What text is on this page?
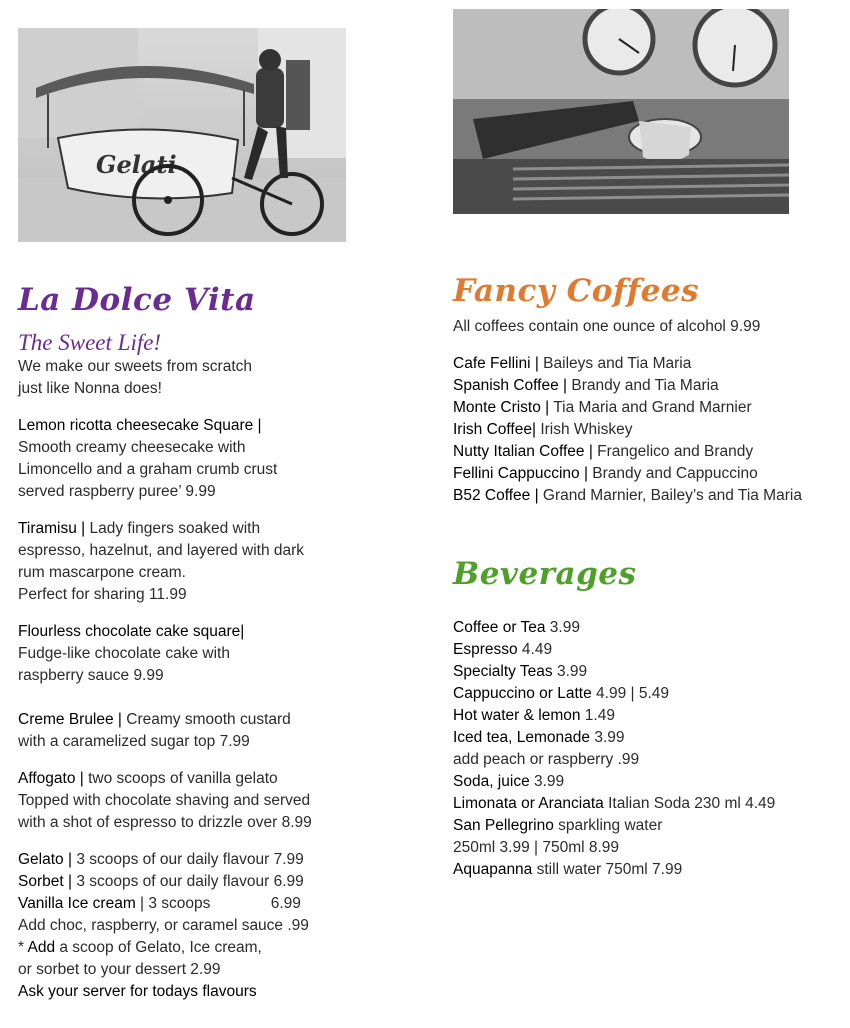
Gelati
La Dolce Vita
The Sweet Life!

We make our sweets from scratch
just like Nonna does!

Lemon ricotta cheesecake Square |
Smooth creamy cheesecake with
Limoncello and a graham crumb crust
served raspberry puree’ 9.99

Tiramisu | Lady fingers soaked with
espresso, hazelnut, and layered with dark
rum mascarpone cream.
Perfect for sharing 11.99

Flourless chocolate cake square|
Fudge-like chocolate cake with
raspberry sauce 9.99

Creme Brulee | Creamy smooth custard
with a caramelized sugar top 7.99

Affogato | two scoops of vanilla gelato
Topped with chocolate shaving and served
with a shot of espresso to drizzle over 8.99

Gelato | 3 scoops of our daily flavour 7.99
Sorbet | 3 scoops of our daily flavour 6.99
Vanilla Ice cream | 3 scoops              6.99
Add choc, raspberry, or caramel sauce .99
* Add a scoop of Gelato, Ice cream,
or sorbet to your dessert 2.99
Ask your server for todays flavours
Fancy Coffees
All coffees contain one ounce of alcohol 9.99
Cafe Fellini | Baileys and Tia Maria
Spanish Coffee | Brandy and Tia Maria
Monte Cristo | Tia Maria and Grand Marnier
Irish Coffee| Irish Whiskey
Nutty Italian Coffee | Frangelico and Brandy
Fellini Cappuccino | Brandy and Cappuccino
B52 Coffee | Grand Marnier, Bailey’s and Tia Maria
Beverages
Coffee or Tea 3.99
Espresso 4.49
Specialty Teas 3.99
Cappuccino or Latte 4.99 | 5.49
Hot water & lemon 1.49
Iced tea, Lemonade 3.99
add peach or raspberry .99
Soda, juice 3.99
Limonata or Aranciata Italian Soda 230 ml 4.49
San Pellegrino sparkling water
250ml 3.99 | 750ml 8.99
Aquapanna still water 750ml 7.99
